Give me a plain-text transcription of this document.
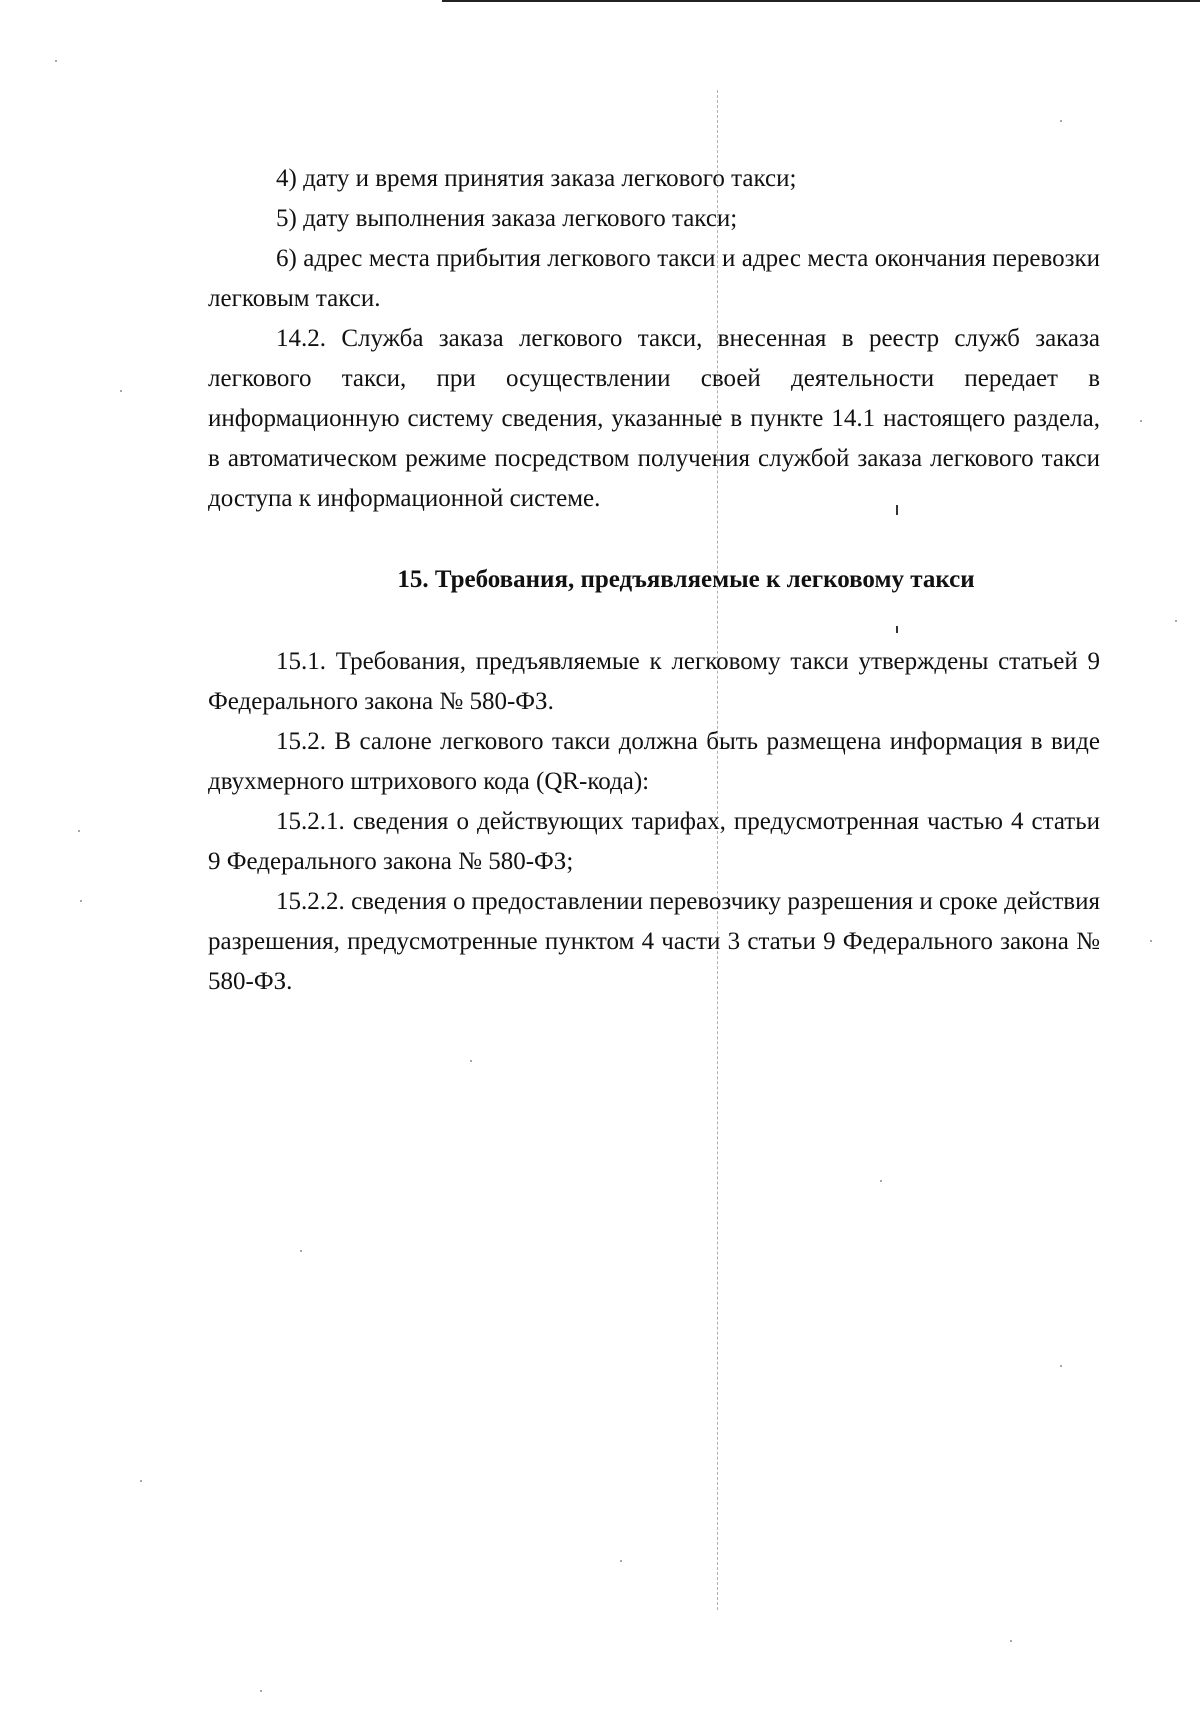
4) дату и время принятия заказа легкового такси;

5) дату выполнения заказа легкового такси;

6) адрес места прибытия легкового такси и адрес места окончания перевозки легковым такси.

14.2. Служба заказа легкового такси, внесенная в реестр служб заказа легкового такси, при осуществлении своей деятельности передает в информационную систему сведения, указанные в пункте 14.1 настоящего раздела, в автоматическом режиме посредством получения службой заказа легкового такси доступа к информационной системе.

15. Требования, предъявляемые к легковому такси

15.1. Требования, предъявляемые к легковому такси утверждены статьей 9 Федерального закона № 580-ФЗ.

15.2. В салоне легкового такси должна быть размещена информация в виде двухмерного штрихового кода (QR-кода):

15.2.1. сведения о действующих тарифах, предусмотренная частью 4 статьи 9 Федерального закона № 580-ФЗ;

15.2.2. сведения о предоставлении перевозчику разрешения и сроке действия разрешения, предусмотренные пунктом 4 части 3 статьи 9 Федерального закона № 580-ФЗ.
